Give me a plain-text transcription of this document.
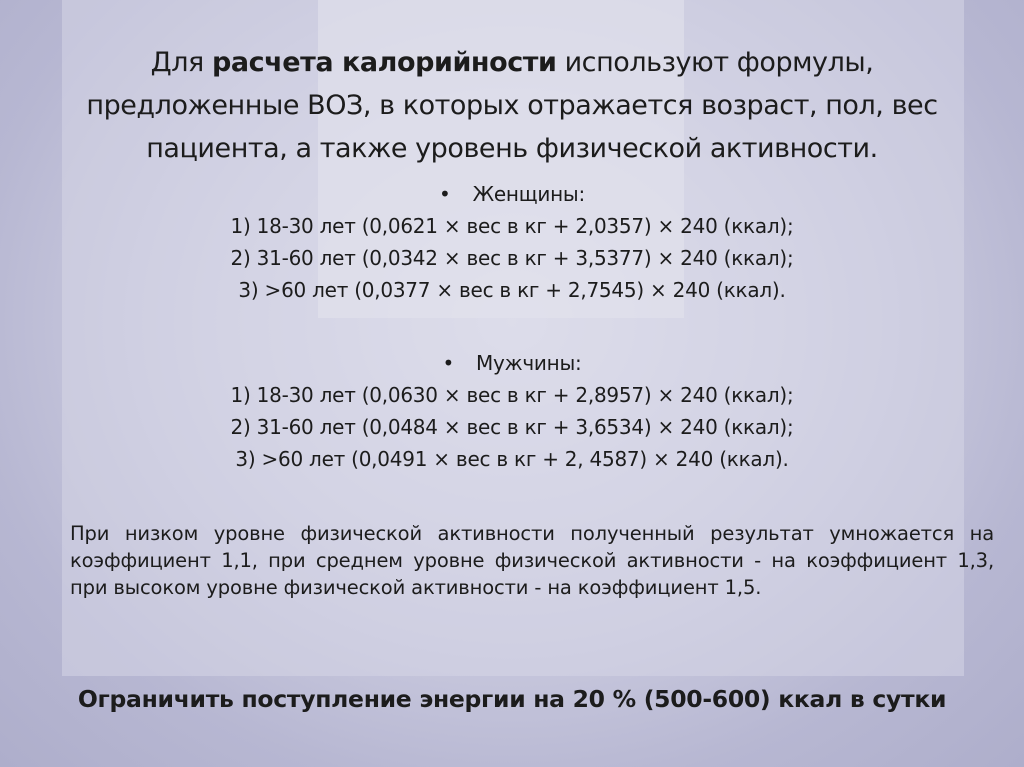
Для расчета калорийности используют формулы, предложенные ВОЗ, в которых отражается возраст, пол, вес пациента, а также уровень физической активности.

• Женщины:
1) 18-30 лет (0,0621 × вес в кг + 2,0357) × 240 (ккал);
2) 31-60 лет (0,0342 × вес в кг + 3,5377) × 240 (ккал);
3) >60 лет (0,0377 × вес в кг + 2,7545) × 240 (ккал).
• Мужчины:
1) 18-30 лет (0,0630 × вес в кг + 2,8957) × 240 (ккал);
2) 31-60 лет (0,0484 × вес в кг + 3,6534) × 240 (ккал);
3) >60 лет (0,0491 × вес в кг + 2, 4587) × 240 (ккал).

При низком уровне физической активности полученный результат умножается на коэффициент 1,1, при среднем уровне физической активности - на коэффициент 1,3, при высоком уровне физической активности - на коэффициент 1,5.

Ограничить поступление энергии на 20 % (500-600) ккал в сутки
